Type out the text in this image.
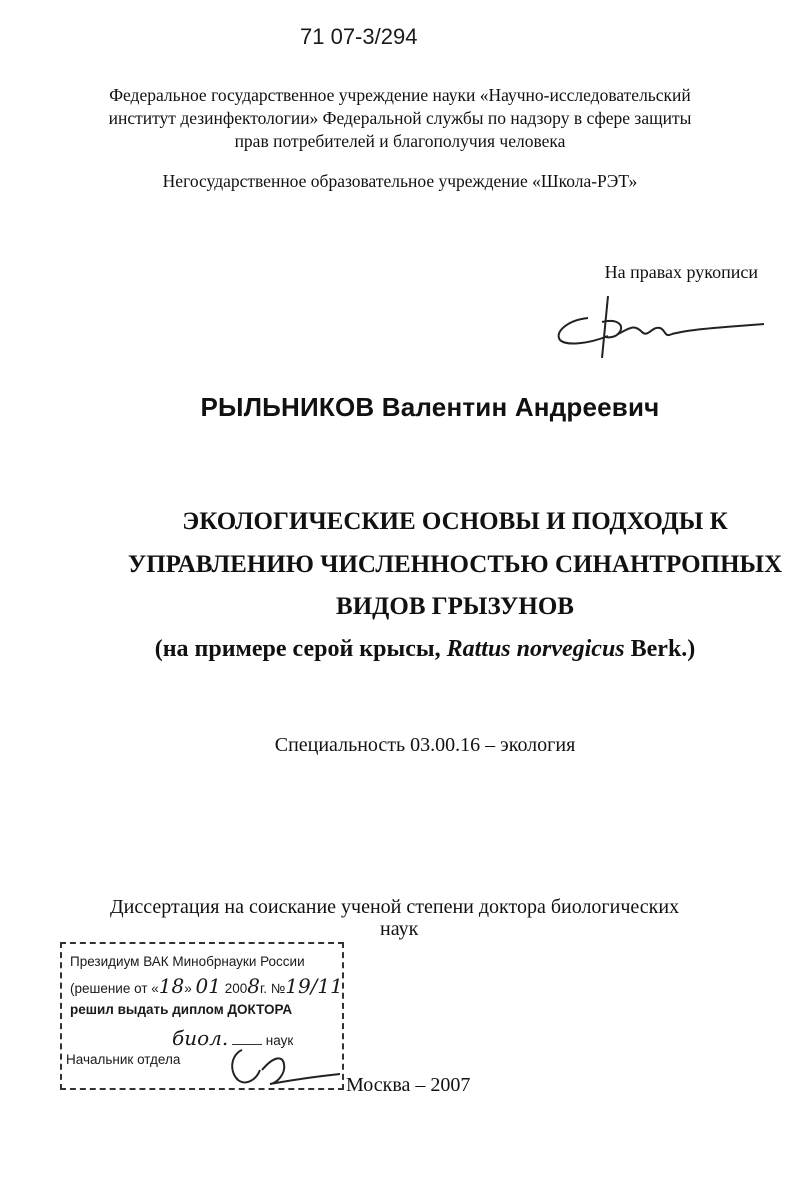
71 07-3/294
Федеральное государственное учреждение науки «Научно-исследовательский
институт дезинфектологии» Федеральной службы по надзору в сфере защиты
прав потребителей и благополучия человека
Негосударственное образовательное учреждение «Школа-РЭТ»
На правах рукописи
РЫЛЬНИКОВ Валентин Андреевич
ЭКОЛОГИЧЕСКИЕ ОСНОВЫ И ПОДХОДЫ К
УПРАВЛЕНИЮ ЧИСЛЕННОСТЬЮ СИНАНТРОПНЫХ
ВИДОВ ГРЫЗУНОВ
(на примере серой крысы, Rattus norvegicus Berk.)
Специальность 03.00.16 – экология
Диссертация на соискание ученой степени доктора биологических
наук
Президиум ВАК Минобрнауки России
(решение от «18» 01 2008г. №19/11
решил выдать диплом ДОКТОРА
биол.	наук
Начальник отдела
Москва – 2007
